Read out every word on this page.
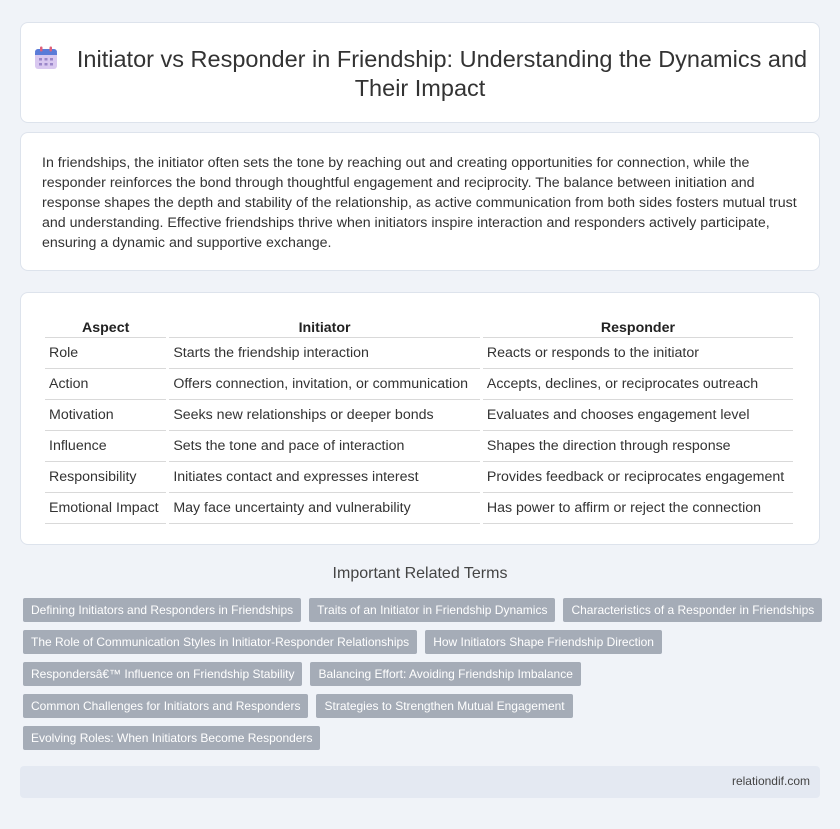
Initiator vs Responder in Friendship: Understanding the Dynamics and Their Impact

In friendships, the initiator often sets the tone by reaching out and creating opportunities for connection, while the responder reinforces the bond through thoughtful engagement and reciprocity. The balance between initiation and response shapes the depth and stability of the relationship, as active communication from both sides fosters mutual trust and understanding. Effective friendships thrive when initiators inspire interaction and responders actively participate, ensuring a dynamic and supportive exchange.

Aspect	Initiator	Responder
Role	Starts the friendship interaction	Reacts or responds to the initiator
Action	Offers connection, invitation, or communication	Accepts, declines, or reciprocates outreach
Motivation	Seeks new relationships or deeper bonds	Evaluates and chooses engagement level
Influence	Sets the tone and pace of interaction	Shapes the direction through response
Responsibility	Initiates contact and expresses interest	Provides feedback or reciprocates engagement
Emotional Impact	May face uncertainty and vulnerability	Has power to affirm or reject the connection
Important Related Terms
Defining Initiators and Responders in Friendships	Traits of an Initiator in Friendship Dynamics	Characteristics of a Responder in Friendships
The Role of Communication Styles in Initiator-Responder Relationships	How Initiators Shape Friendship Direction
Respondersâ€™ Influence on Friendship Stability	Balancing Effort: Avoiding Friendship Imbalance
Common Challenges for Initiators and Responders	Strategies to Strengthen Mutual Engagement
Evolving Roles: When Initiators Become Responders
relationdif.com
